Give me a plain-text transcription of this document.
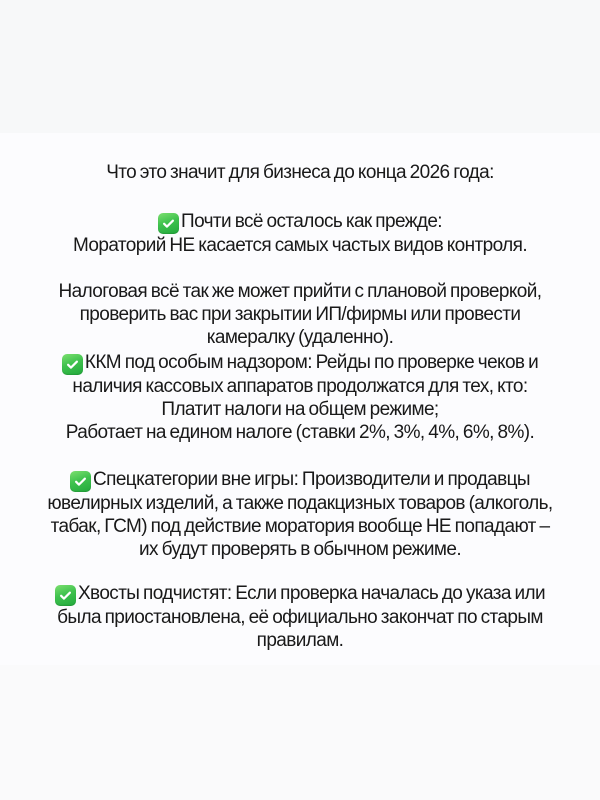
Что это значит для бизнеса до конца 2026 года:

Почти всё осталось как прежде:
Мораторий НЕ касается самых частых видов контроля.

Налоговая всё так же может прийти с плановой проверкой,
проверить вас при закрытии ИП/фирмы или провести
камералку (удаленно).

ККМ под особым надзором: Рейды по проверке чеков и
наличия кассовых аппаратов продолжатся для тех, кто:
Платит налоги на общем режиме;
Работает на едином налоге (ставки 2%, 3%, 4%, 6%, 8%).

Спецкатегории вне игры: Производители и продавцы
ювелирных изделий, а также подакцизных товаров (алкоголь,
табак, ГСМ) под действие моратория вообще НЕ попадают –
их будут проверять в обычном режиме.

Хвосты подчистят: Если проверка началась до указа или
была приостановлена, её официально закончат по старым
правилам.
